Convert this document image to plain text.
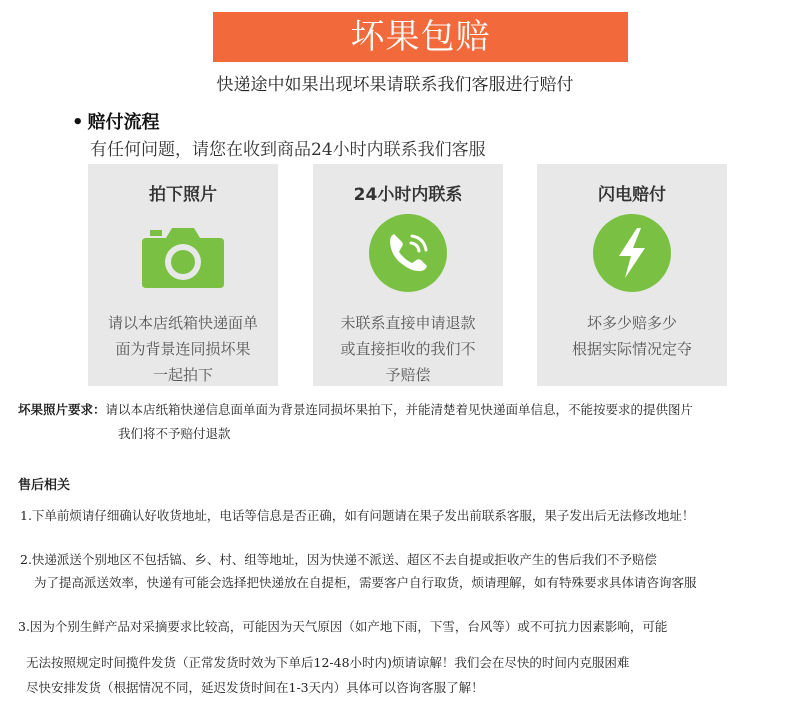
坏果包赔
快递途中如果出现坏果请联系我们客服进行赔付
• 赔付流程
有任何问题，请您在收到商品24小时内联系我们客服
拍下照片
请以本店纸箱快递面单
面为背景连同损坏果
一起拍下
24小时内联系
未联系直接申请退款
或直接拒收的我们不
予赔偿
闪电赔付
坏多少赔多少
根据实际情况定夺
坏果照片要求：请以本店纸箱快递信息面单面为背景连同损坏果拍下，并能清楚着见快递面单信息，不能按要求的提供图片
我们将不予赔付退款
售后相关
1.下单前烦请仔细确认好收货地址，电话等信息是否正确，如有问题请在果子发出前联系客服，果子发出后无法修改地址！
2.快递派送个别地区不包括镐、乡、村、组等地址，因为快递不派送、超区不去自提或拒收产生的售后我们不予赔偿
为了提高派送效率，快递有可能会选择把快递放在自提柜，需要客户自行取货，烦请理解，如有特殊要求具体请咨询客服
3.因为个别生鲜产品对采摘要求比较高，可能因为天气原因（如产地下雨，下雪，台风等）或不可抗力因素影响，可能
无法按照规定时间揽件发货（正常发货时效为下单后12-48小时内)烦请谅解！我们会在尽快的时间内克服困难
尽快安排发货（根据情况不同，延迟发货时间在1-3天内）具体可以咨询客服了解！
